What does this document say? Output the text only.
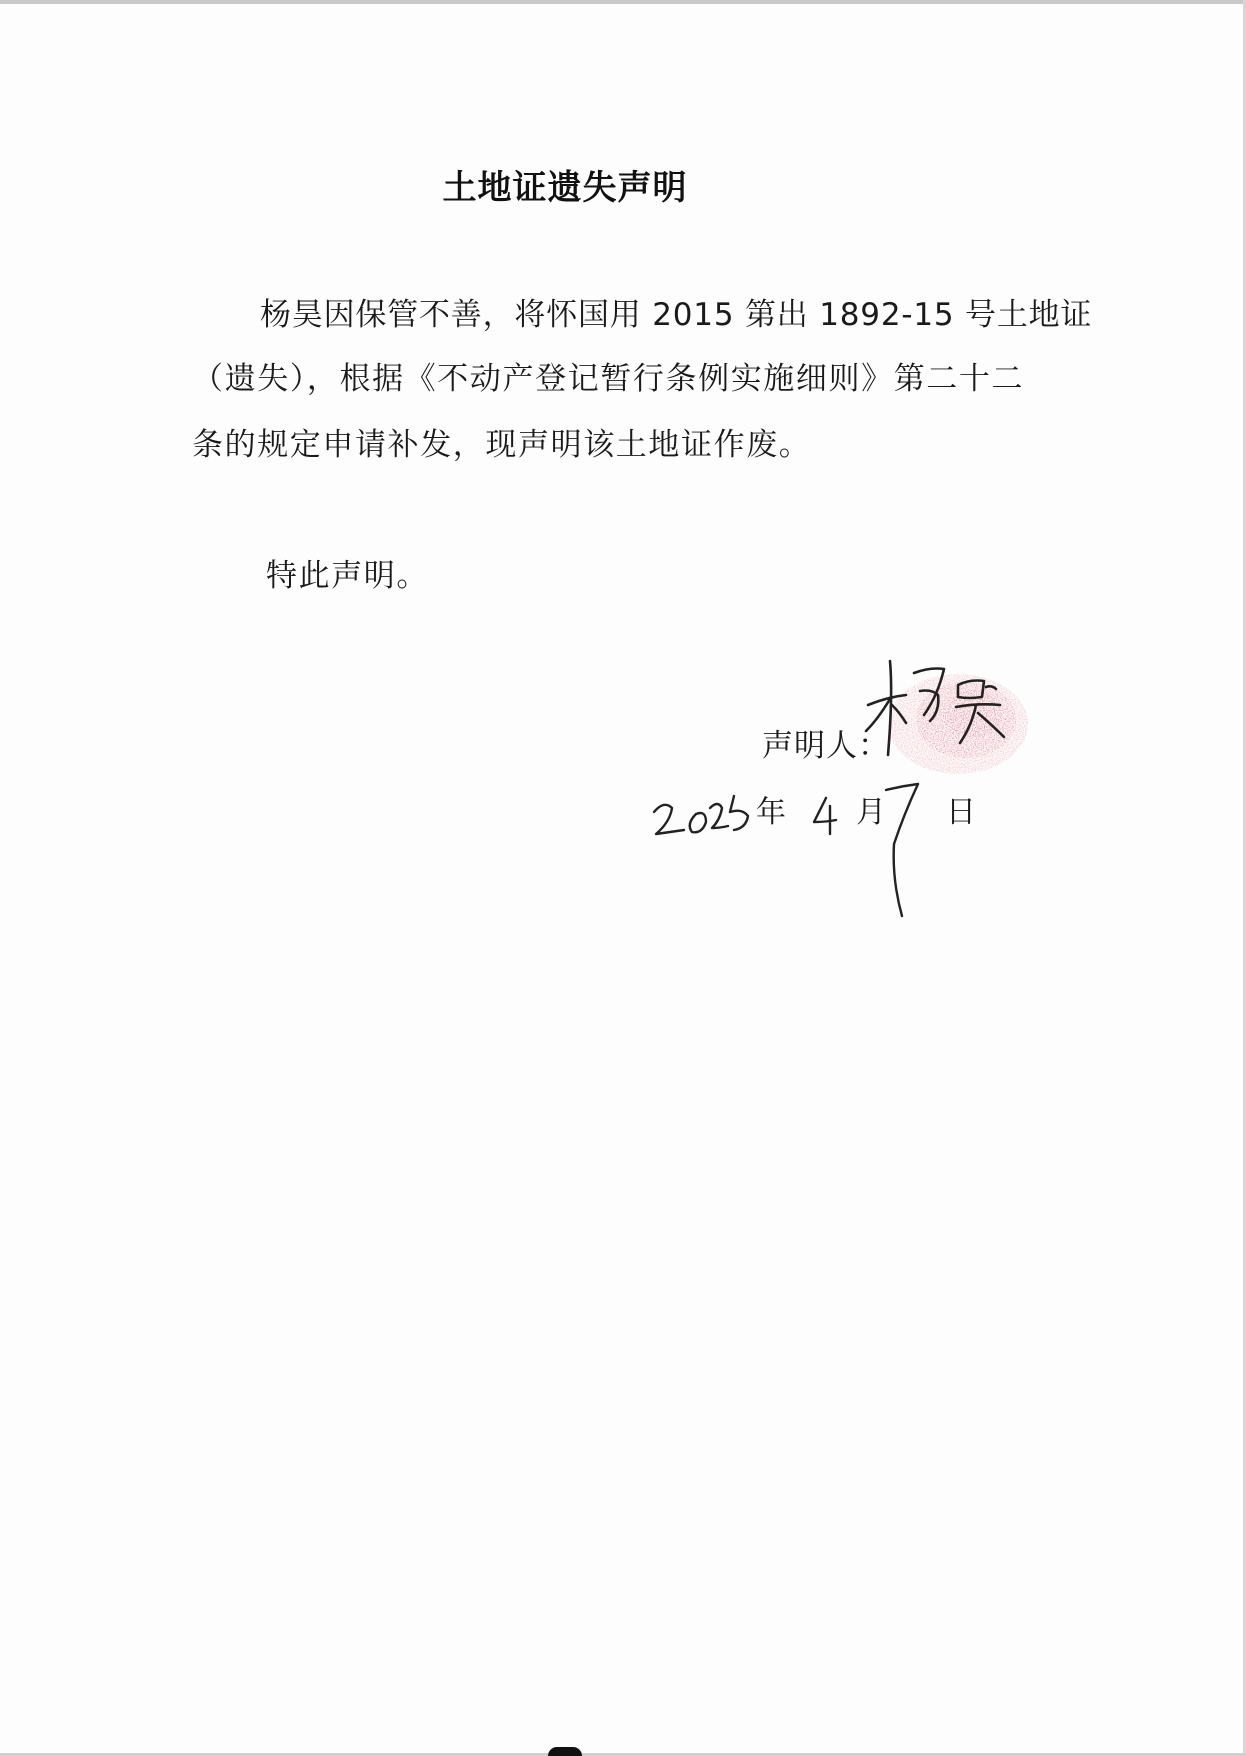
土地证遗失声明
杨昊因保管不善，将怀国用 2015 第出 1892-15 号土地证
（遗失），根据《不动产登记暂行条例实施细则》第二十二
条的规定申请补发，现声明该土地证作废。
特此声明。
声明人：
年 月 日
